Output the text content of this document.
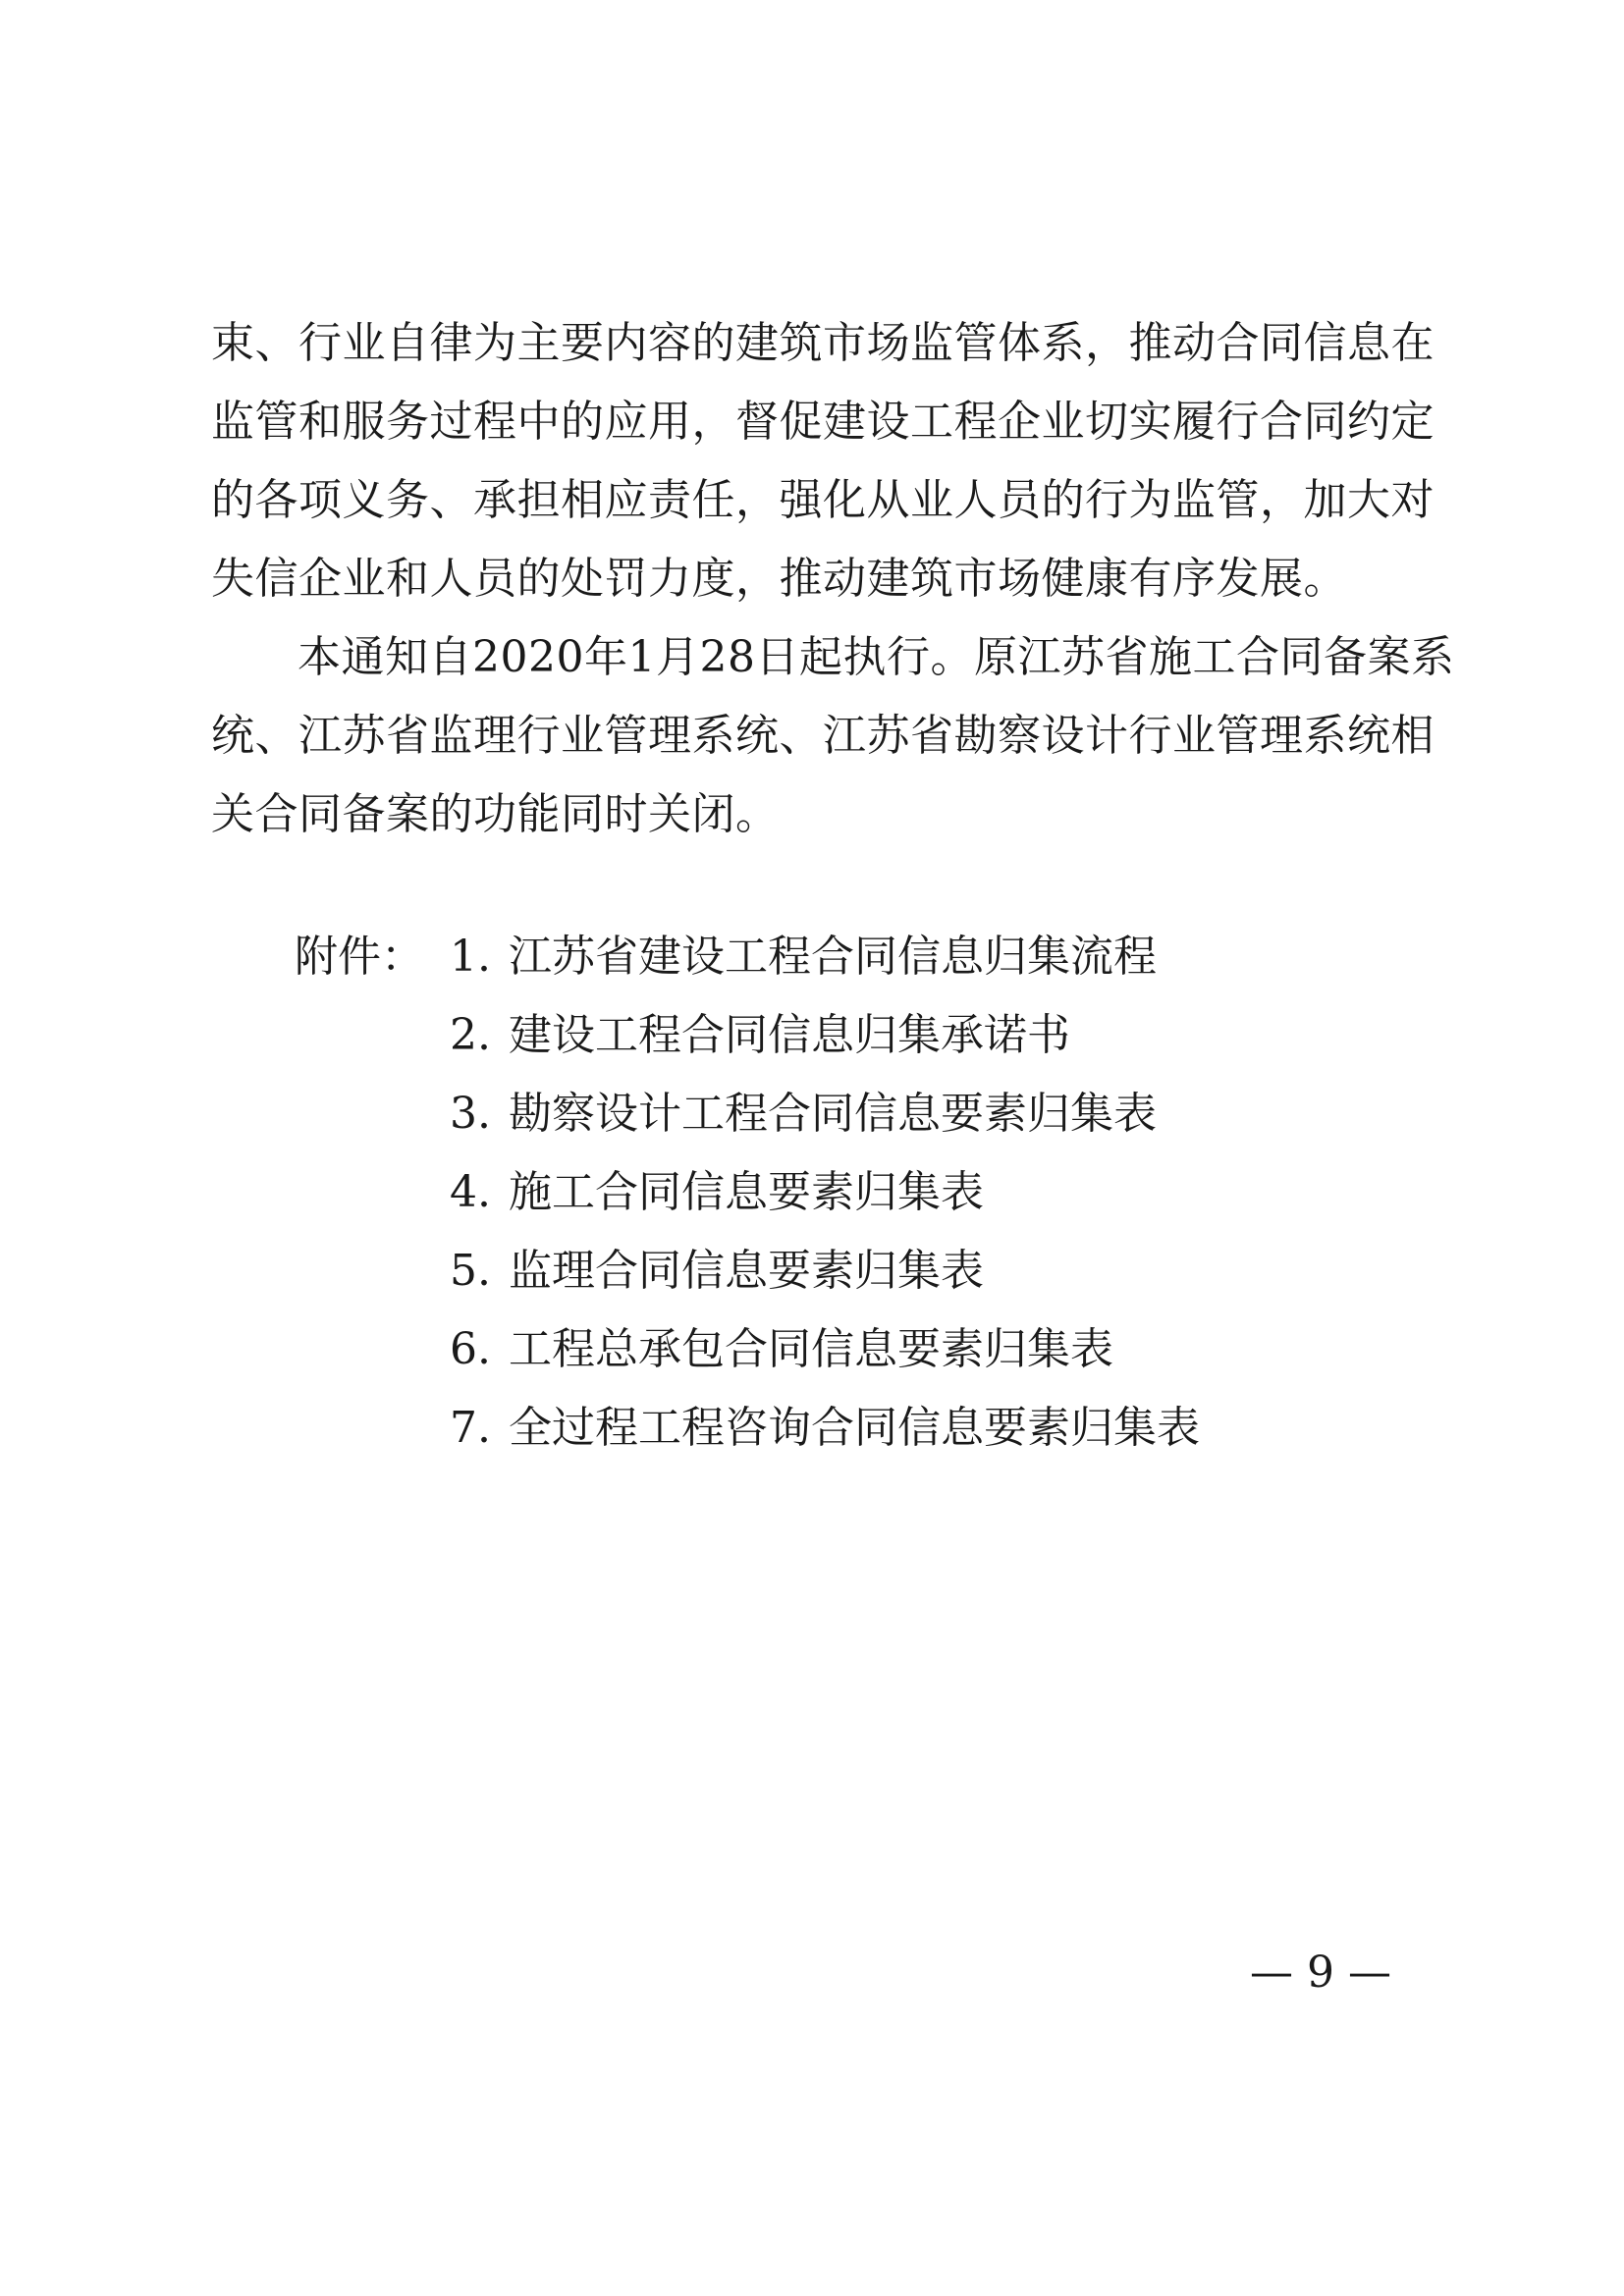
束、行业自律为主要内容的建筑市场监管体系，推动合同信息在
监管和服务过程中的应用，督促建设工程企业切实履行合同约定
的各项义务、承担相应责任，强化从业人员的行为监管，加大对
失信企业和人员的处罚力度，推动建筑市场健康有序发展。
本通知自2020年1月28日起执行。原江苏省施工合同备案系
统、江苏省监理行业管理系统、江苏省勘察设计行业管理系统相
关合同备案的功能同时关闭。
附件： 1. 江苏省建设工程合同信息归集流程
2. 建设工程合同信息归集承诺书
3. 勘察设计工程合同信息要素归集表
4. 施工合同信息要素归集表
5. 监理合同信息要素归集表
6. 工程总承包合同信息要素归集表
7. 全过程工程咨询合同信息要素归集表
— 9 —
